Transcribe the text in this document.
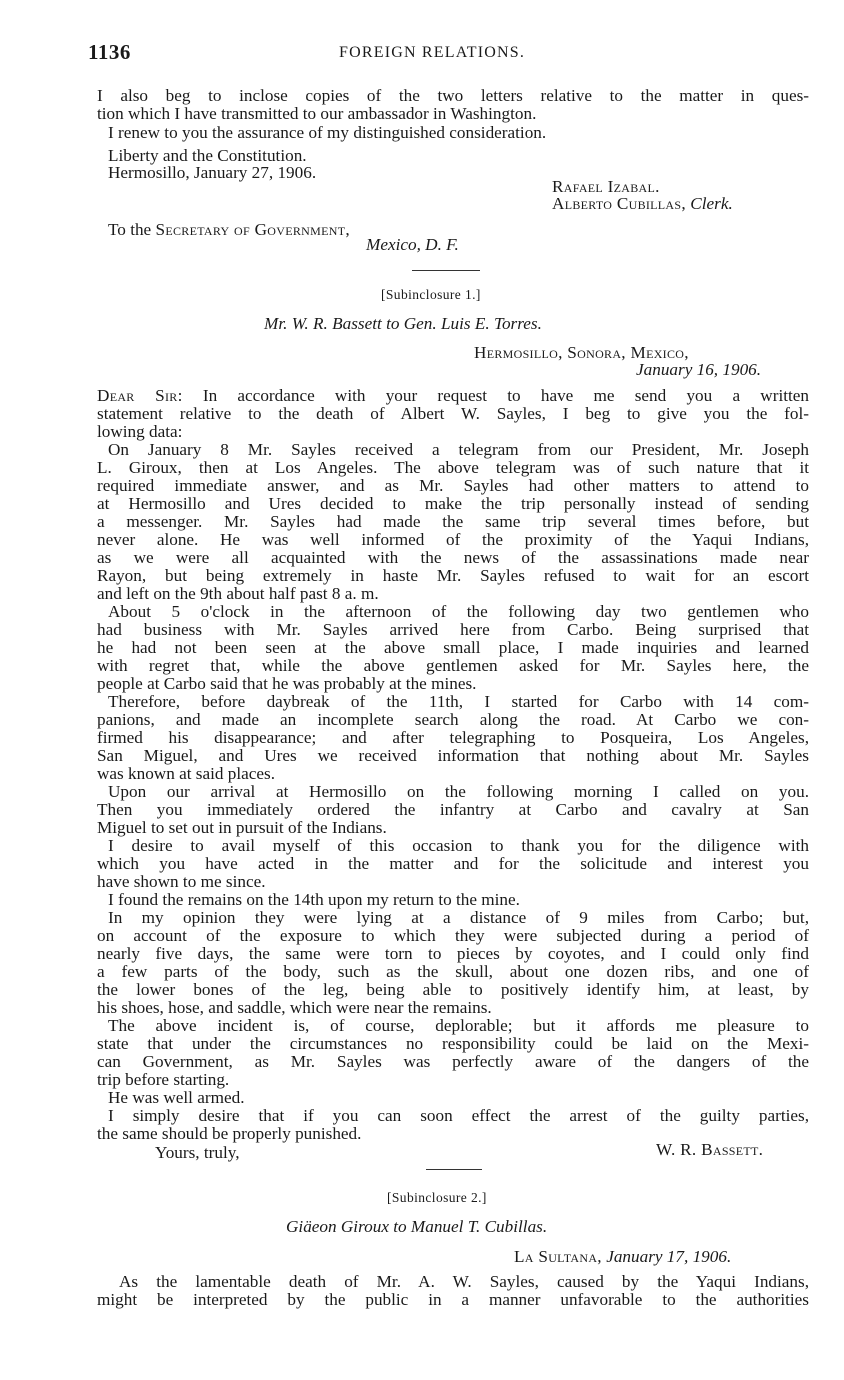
1136	FOREIGN RELATIONS.
I also beg to inclose copies of the two letters relative to the matter in ques-
tion which I have transmitted to our ambassador in Washington.
I renew to you the assurance of my distinguished consideration.
Liberty and the Constitution.
Hermosillo, January 27, 1906.
Rafael Izabal.
Alberto Cubillas, Clerk.
To the Secretary of Government,
Mexico, D. F.
[Subinclosure 1.]
Mr. W. R. Bassett to Gen. Luis E. Torres.
Hermosillo, Sonora, Mexico,
January 16, 1906.
Dear Sir: In accordance with your request to have me send you a written
statement relative to the death of Albert W. Sayles, I beg to give you the fol-
lowing data:
On January 8 Mr. Sayles received a telegram from our President, Mr. Joseph
L. Giroux, then at Los Angeles. The above telegram was of such nature that it
required immediate answer, and as Mr. Sayles had other matters to attend to
at Hermosillo and Ures decided to make the trip personally instead of sending
a messenger. Mr. Sayles had made the same trip several times before, but
never alone. He was well informed of the proximity of the Yaqui Indians,
as we were all acquainted with the news of the assassinations made near
Rayon, but being extremely in haste Mr. Sayles refused to wait for an escort
and left on the 9th about half past 8 a. m.
About 5 o'clock in the afternoon of the following day two gentlemen who
had business with Mr. Sayles arrived here from Carbo. Being surprised that
he had not been seen at the above small place, I made inquiries and learned
with regret that, while the above gentlemen asked for Mr. Sayles here, the
people at Carbo said that he was probably at the mines.
Therefore, before daybreak of the 11th, I started for Carbo with 14 com-
panions, and made an incomplete search along the road. At Carbo we con-
firmed his disappearance; and after telegraphing to Posqueira, Los Angeles,
San Miguel, and Ures we received information that nothing about Mr. Sayles
was known at said places.
Upon our arrival at Hermosillo on the following morning I called on you.
Then you immediately ordered the infantry at Carbo and cavalry at San
Miguel to set out in pursuit of the Indians.
I desire to avail myself of this occasion to thank you for the diligence with
which you have acted in the matter and for the solicitude and interest you
have shown to me since.
I found the remains on the 14th upon my return to the mine.
In my opinion they were lying at a distance of 9 miles from Carbo; but,
on account of the exposure to which they were subjected during a period of
nearly five days, the same were torn to pieces by coyotes, and I could only find
a few parts of the body, such as the skull, about one dozen ribs, and one of
the lower bones of the leg, being able to positively identify him, at least, by
his shoes, hose, and saddle, which were near the remains.
The above incident is, of course, deplorable; but it affords me pleasure to
state that under the circumstances no responsibility could be laid on the Mexi-
can Government, as Mr. Sayles was perfectly aware of the dangers of the
trip before starting.
He was well armed.
I simply desire that if you can soon effect the arrest of the guilty parties,
the same should be properly punished.
Yours, truly,	W. R. Bassett.
[Subinclosure 2.]
Giäeon Giroux to Manuel T. Cubillas.
La Sultana, January 17, 1906.
As the lamentable death of Mr. A. W. Sayles, caused by the Yaqui Indians,
might be interpreted by the public in a manner unfavorable to the authorities
